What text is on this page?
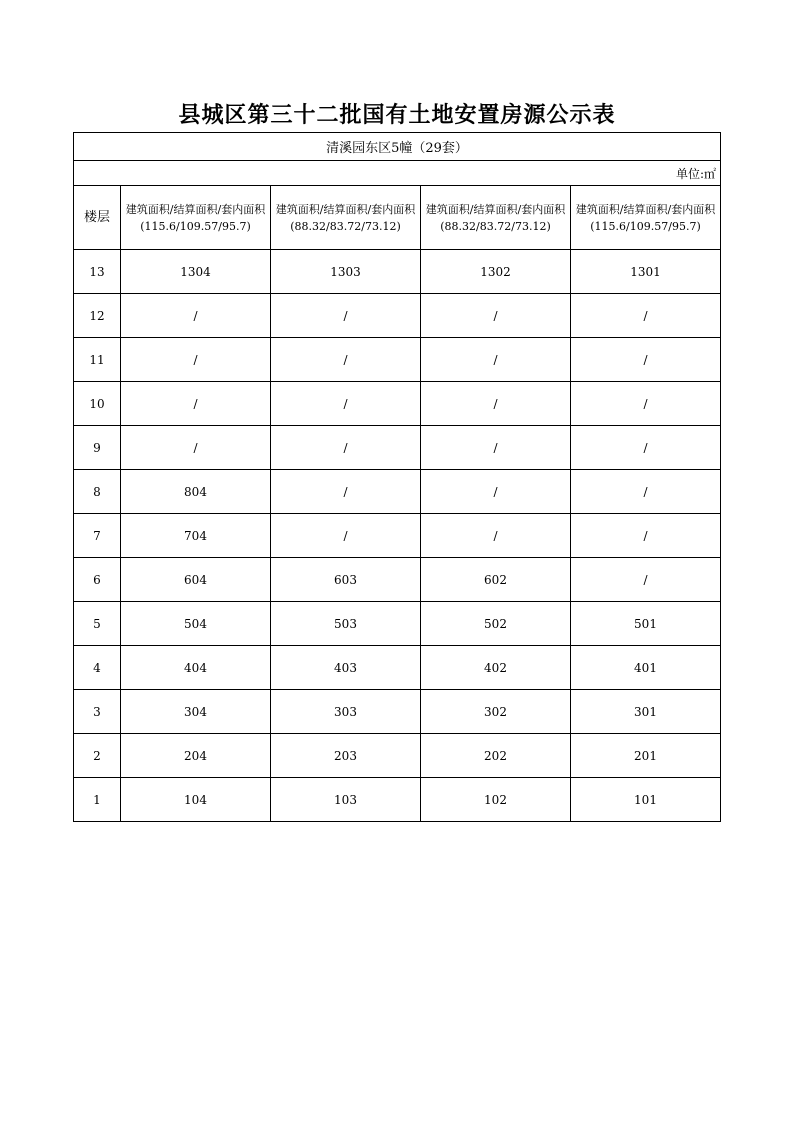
县城区第三十二批国有土地安置房源公示表
清溪园东区5幢（29套）				
单位:㎡				
楼层	建筑面积/结算面积/套内面积(115.6/109.57/95.7)	建筑面积/结算面积/套内面积(88.32/83.72/73.12)	建筑面积/结算面积/套内面积(88.32/83.72/73.12)	建筑面积/结算面积/套内面积(115.6/109.57/95.7)
13	1304	1303	1302	1301
12	/	/	/	/
11	/	/	/	/
10	/	/	/	/
9	/	/	/	/
8	804	/	/	/
7	704	/	/	/
6	604	603	602	/
5	504	503	502	501
4	404	403	402	401
3	304	303	302	301
2	204	203	202	201
1	104	103	102	101
